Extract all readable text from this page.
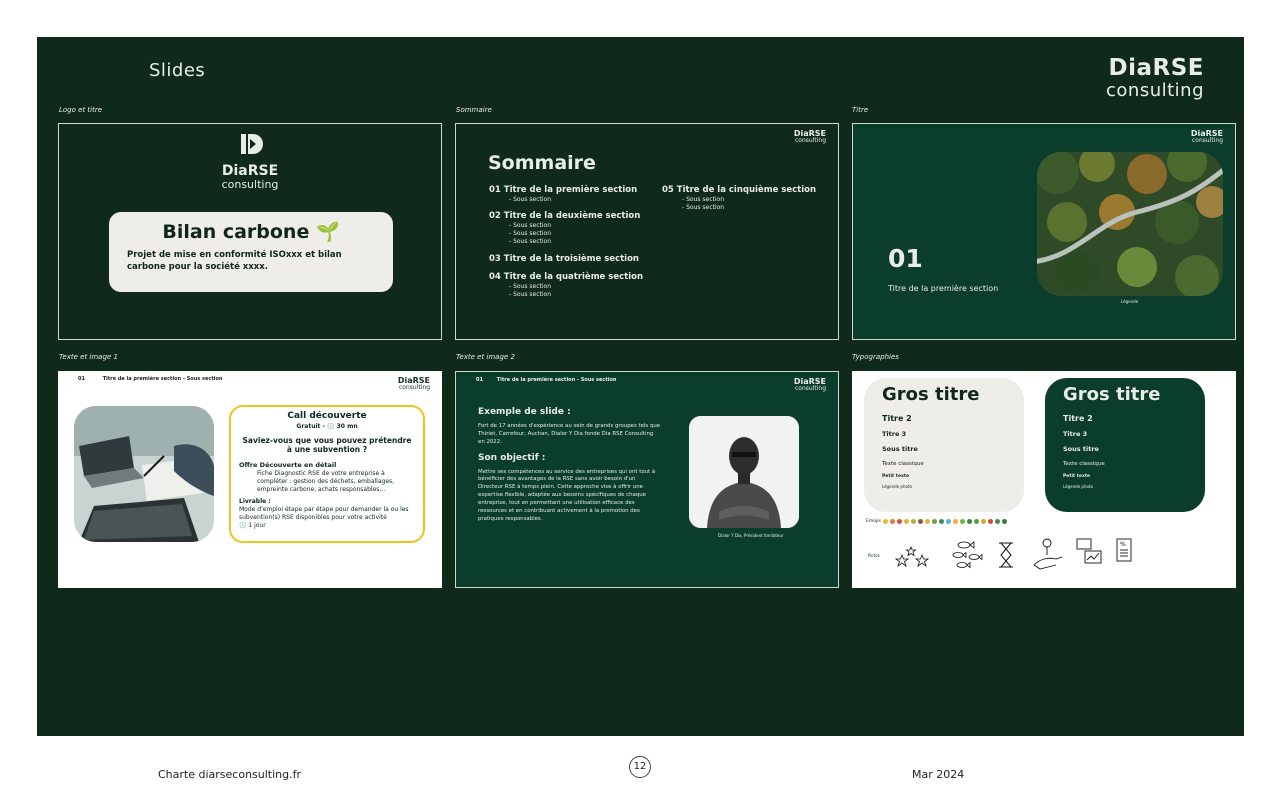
Slides	DiaRSE
consulting
Logo et titre	Sommaire	Titre
Texte et image 1	Texte et image 2	Typographies
DiaRSE
consulting
Bilan carbone 🌱
Projet de mise en conformité ISOxxx et bilan carbone pour la société xxxx.
DiaRSE
consulting
Sommaire
01 Titre de la première section
- Sous section
02 Titre de la deuxième section
- Sous section
- Sous section
- Sous section
03 Titre de la troisième section
04 Titre de la quatrième section
- Sous section
- Sous section
05 Titre de la cinquième section
- Sous section
- Sous section
DiaRSE
consulting
01
Titre de la première section
Légende
01	Titre de la première section - Sous section	DiaRSE
consulting
Call découverte
Gratuit - 🕓 30 mn
Saviez-vous que vous pouvez prétendre à une subvention ?
Offre Découverte en détail
Fiche Diagnostic RSE de votre entreprise à compléter : gestion des déchets, emballages, empreinte carbone, achats responsables,..
Livrable :
Mode d'emploi étape par étape pour demander la ou les subvention(s) RSE disponibles pour votre activité
🕓 1 jour
01	Titre de la première section - Sous section	DiaRSE
consulting
Exemple de slide :
Fort de 17 années d'expérience au sein de grands groupes tels que Thiriet, Carrefour, Auchan, Dialor Y Dia fonde Dia RSE Consulting en 2022.
Son objectif :
Mettre ses compétences au service des entreprises qui ont tout à bénéficier des avantages de la RSE sans avoir besoin d'un Directeur RSE à temps plein. Cette approche vise à offrir une expertise flexible, adaptée aux besoins spécifiques de chaque entreprise, tout en permettant une utilisation efficace des ressources et en contribuant activement à la promotion des pratiques responsables.
Dialor Y Dia, Président fondateur
Gros titre
Titre 2
Titre 3
Sous titre
Texte classique
Petit texte
Légende photo
Gros titre
Titre 2
Titre 3
Sous titre
Texte classique
Petit texte
Légende photo
Emojis
Pictos
%
Charte diarseconsulting.fr
12
Mar 2024
